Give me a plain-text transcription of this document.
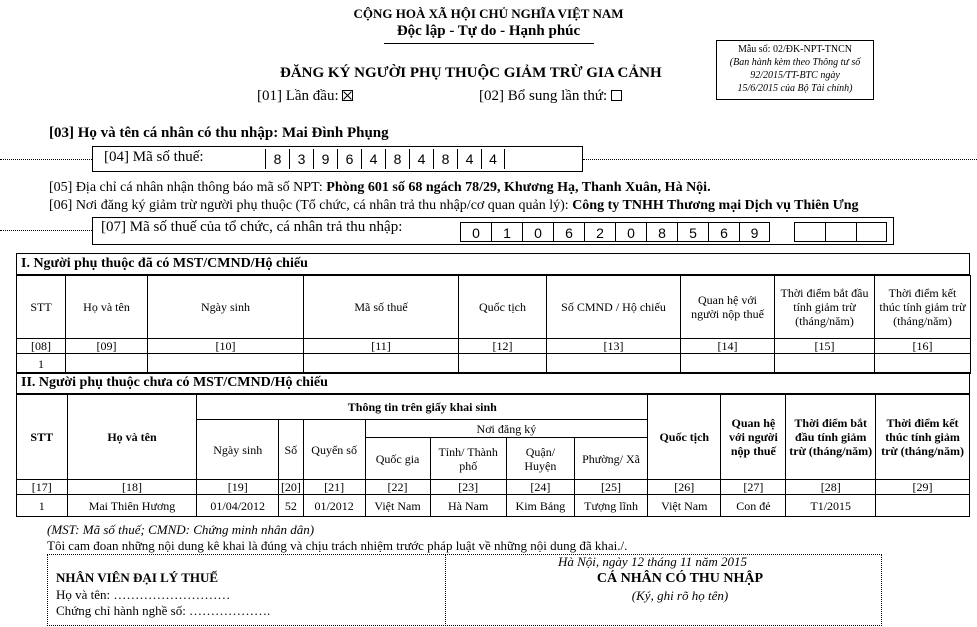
CỘNG HOÀ XÃ HỘI CHỦ NGHĨA VIỆT NAM
Độc lập - Tự do - Hạnh phúc
Mẫu số: 02/ĐK-NPT-TNCN
(Ban hành kèm theo Thông tư số
92/2015/TT-BTC ngày
15/6/2015 của Bộ Tài chính)
ĐĂNG KÝ NGƯỜI PHỤ THUỘC GIẢM TRỪ GIA CẢNH
[01] Lần đầu:	[02] Bổ sung lần thứ:
[03] Họ và tên cá nhân có thu nhập: Mai Đình Phụng
[04] Mã số thuế:	8	3	9	6	4	8	4	8	4	4
[05] Địa chỉ cá nhân nhận thông báo mã số NPT: Phòng 601 số 68 ngách 78/29, Khương Hạ, Thanh Xuân, Hà Nội.
[06] Nơi đăng ký giảm trừ người phụ thuộc (Tổ chức, cá nhân trả thu nhập/cơ quan quản lý): Công ty TNHH Thương mại Dịch vụ Thiên Ưng
[07] Mã số thuế của tổ chức, cá nhân trả thu nhập:	0	1	0	6	2	0	8	5	6	9
I. Người phụ thuộc đã có MST/CMND/Hộ chiếu
STT	Họ và tên	Ngày sinh	Mã số thuế	Quốc tịch	Số CMND / Hộ chiếu	Quan hệ với người nộp thuế	Thời điểm bắt đầu tính giảm trừ (tháng/năm)	Thời điểm kết thúc tính giảm trừ (tháng/năm)
[08]	[09]	[10]	[11]	[12]	[13]	[14]	[15]	[16]
1								
II. Người phụ thuộc chưa có MST/CMND/Hộ chiếu
STT	Họ và tên	Thông tin trên giấy khai sinh							Quốc tịch	Quan hệ với người nộp thuế	Thời điểm bắt đầu tính giảm trừ (tháng/năm)	Thời điểm kết thúc tính giảm trừ (tháng/năm)
		Ngày sinh	Số	Quyển số	Nơi đăng ký							
					Quốc gia	Tỉnh/ Thành phố	Quận/ Huyện	Phường/ Xã				
[17]	[18]	[19]	[20]	[21]	[22]	[23]	[24]	[25]	[26]	[27]	[28]	[29]
1	Mai Thiên Hương	01/04/2012	52	01/2012	Việt Nam	Hà Nam	Kim Bảng	Tượng lĩnh	Việt Nam	Con đẻ	T1/2015	
(MST: Mã số thuế; CMND: Chứng minh nhân dân)
Tôi cam đoan những nội dung kê khai là đúng và chịu trách nhiệm trước pháp luật về những nội dung đã khai./.
Hà Nội, ngày 12 tháng 11 năm 2015
NHÂN VIÊN ĐẠI LÝ THUẾ
Họ và tên: ………………………
Chứng chỉ hành nghề số: ……………….
CÁ NHÂN CÓ THU NHẬP
(Ký, ghi rõ họ tên)
